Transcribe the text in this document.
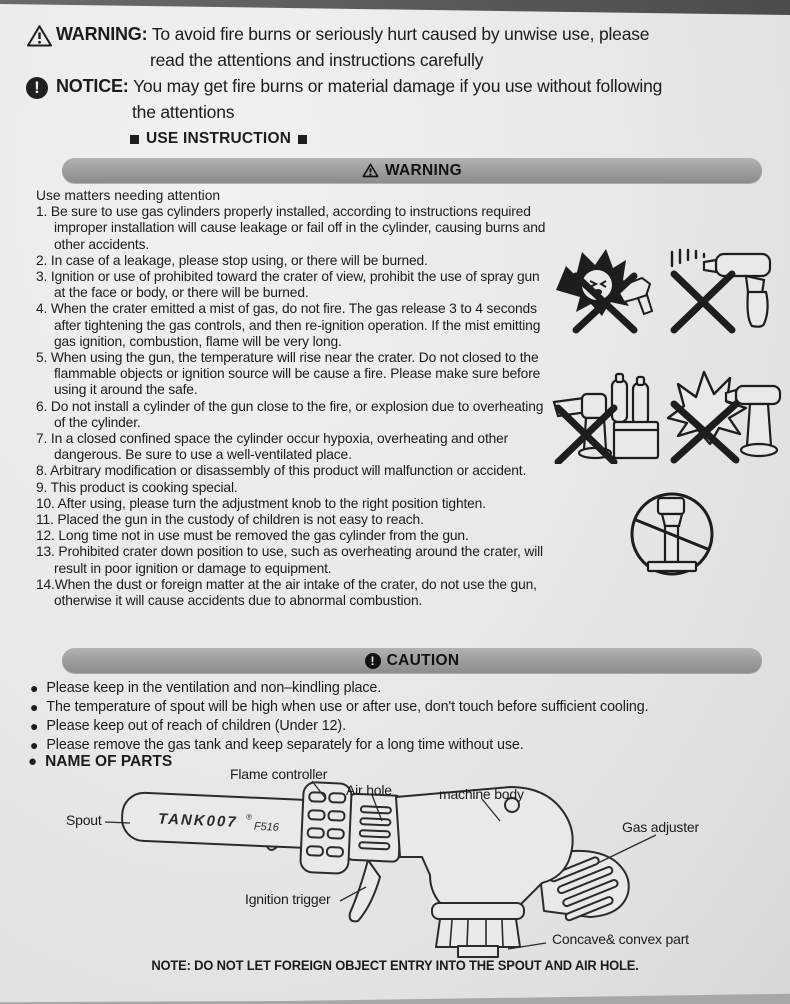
WARNING: To avoid fire burns or seriously hurt caused by unwise use, please
read the attentions and instructions carefully
! NOTICE: You may get fire burns or material damage if you use without following
the attentions
USE INSTRUCTION
WARNING
Use matters needing attention
1. Be sure to use gas cylinders properly installed, according to instructions required improper installation will cause leakage or fail off in the cylinder, causing burns and other accidents.
2. In case of a leakage, please stop using, or there will be burned.
3. Ignition or use of prohibited toward the crater of view, prohibit the use of spray gun at the face or body, or there will be burned.
4. When the crater emitted a mist of gas, do not fire. The gas release 3 to 4 seconds after tightening the gas controls, and then re-ignition operation. If the mist emitting gas ignition, combustion, flame will be very long.
5. When using the gun, the temperature will rise near the crater. Do not closed to the flammable objects or ignition source will be cause a fire. Please make sure before using it around the safe.
6. Do not install a cylinder of the gun close to the fire, or explosion due to overheating of the cylinder.
7. In a closed confined space the cylinder occur hypoxia, overheating and other dangerous. Be sure to use a well-ventilated place.
8. Arbitrary modification or disassembly of this product will malfunction or accident.
9. This product is cooking special.
10. After using, please turn the adjustment knob to the right position tighten.
11. Placed the gun in the custody of children is not easy to reach.
12. Long time not in use must be removed the gas cylinder from the gun.
13. Prohibited crater down position to use, such as overheating around the crater, will result in poor ignition or damage to equipment.
14.When the dust or foreign matter at the air intake of the crater, do not use the gun, otherwise it will cause accidents due to abnormal combustion.
! CAUTION
● Please keep in the ventilation and non–kindling place.
● The temperature of spout will be high when use or after use, don't touch before sufficient cooling.
● Please keep out of reach of children (Under 12).
● Please remove the gas tank and keep separately for a long time without use.
● NAME OF PARTS
TANK007 ®
F516
Spout
Flame controller
Air hole	machine body
Gas adjuster
Ignition trigger
Concave& convex part
NOTE: DO NOT LET FOREIGN OBJECT ENTRY INTO THE SPOUT AND AIR HOLE.
